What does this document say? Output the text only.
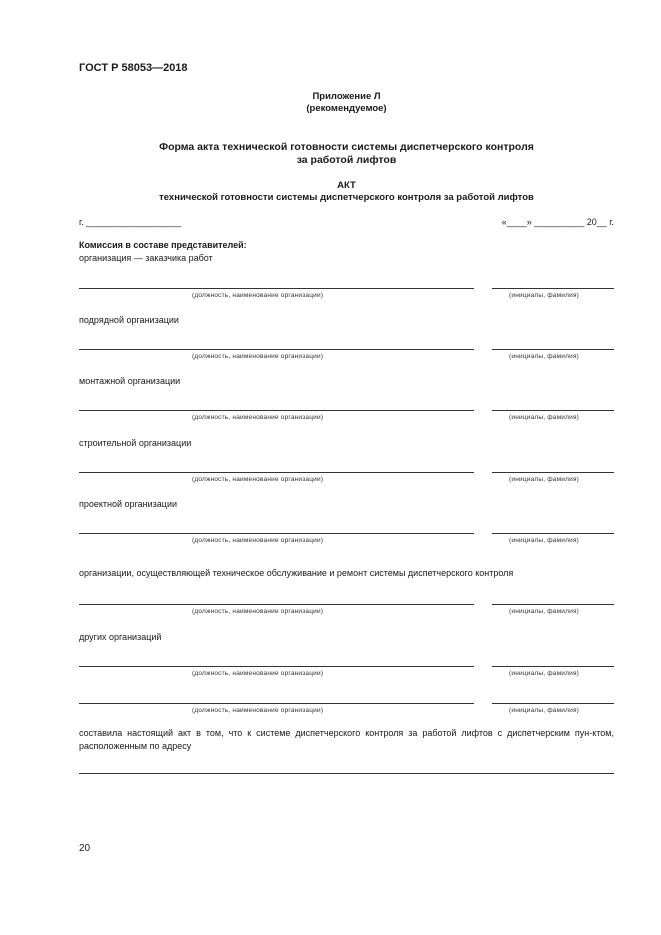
ГОСТ Р 58053—2018
Приложение Л
(рекомендуемое)
Форма акта технической готовности системы диспетчерского контроля
за работой лифтов
АКТ
технической готовности системы диспетчерского контроля за работой лифтов
г. ___________________	«____» __________ 20__ г.
Комиссия в составе представителей:
организация — заказчика работ
(должность, наименование организации)	(инициалы, фамилия)
подрядной организации
(должность, наименование организации)	(инициалы, фамилия)
монтажной организации
(должность, наименование организации)	(инициалы, фамилия)
строительной организации
(должность, наименование организации)	(инициалы, фамилия)
проектной организации
(должность, наименование организации)	(инициалы, фамилия)
организации, осуществляющей техническое обслуживание и ремонт системы диспетчерского контроля
(должность, наименование организации)	(инициалы, фамилия)
других организаций
(должность, наименование организации)	(инициалы, фамилия)
(должность, наименование организации)	(инициалы, фамилия)
составила настоящий акт в том, что к системе диспетчерского контроля за работой лифтов с диспетчерским пун-ктом, расположенным по адресу
20
